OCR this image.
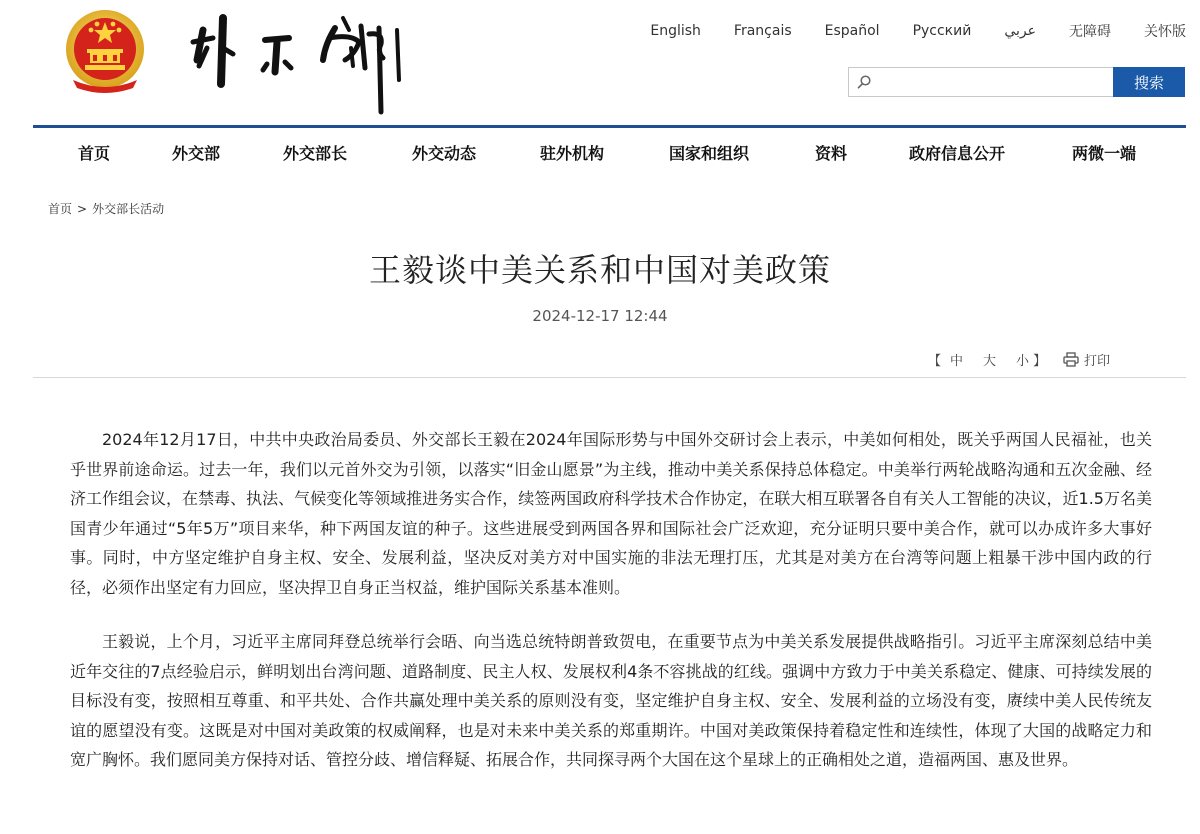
English Français Español Русский عربي 无障碍 关怀版
搜索
首页	外交部	外交部长	外交动态	驻外机构	国家和组织	资料	政府信息公开	两微一端
首页 > 外交部长活动
王毅谈中美关系和中国对美政策
2024-12-17 12:44
【 中 大 小 】	打印

2024年12月17日，中共中央政治局委员、外交部长王毅在2024年国际形势与中国外交研讨会上表示，中美如何相处，既关乎两国人民福祉，也关乎世界前途命运。过去一年，我们以元首外交为引领，以落实“旧金山愿景”为主线，推动中美关系保持总体稳定。中美举行两轮战略沟通和五次金融、经济工作组会议，在禁毒、执法、气候变化等领域推进务实合作，续签两国政府科学技术合作协定，在联大相互联署各自有关人工智能的决议，近1.5万名美国青少年通过“5年5万”项目来华，种下两国友谊的种子。这些进展受到两国各界和国际社会广泛欢迎，充分证明只要中美合作，就可以办成许多大事好事。同时，中方坚定维护自身主权、安全、发展利益，坚决反对美方对中国实施的非法无理打压，尤其是对美方在台湾等问题上粗暴干涉中国内政的行径，必须作出坚定有力回应，坚决捍卫自身正当权益，维护国际关系基本准则。

王毅说，上个月，习近平主席同拜登总统举行会晤、向当选总统特朗普致贺电，在重要节点为中美关系发展提供战略指引。习近平主席深刻总结中美近年交往的7点经验启示，鲜明划出台湾问题、道路制度、民主人权、发展权利4条不容挑战的红线。强调中方致力于中美关系稳定、健康、可持续发展的目标没有变，按照相互尊重、和平共处、合作共赢处理中美关系的原则没有变，坚定维护自身主权、安全、发展利益的立场没有变，赓续中美人民传统友谊的愿望没有变。这既是对中国对美政策的权威阐释，也是对未来中美关系的郑重期许。中国对美政策保持着稳定性和连续性，体现了大国的战略定力和宽广胸怀。我们愿同美方保持对话、管控分歧、增信释疑、拓展合作，共同探寻两个大国在这个星球上的正确相处之道，造福两国、惠及世界。
